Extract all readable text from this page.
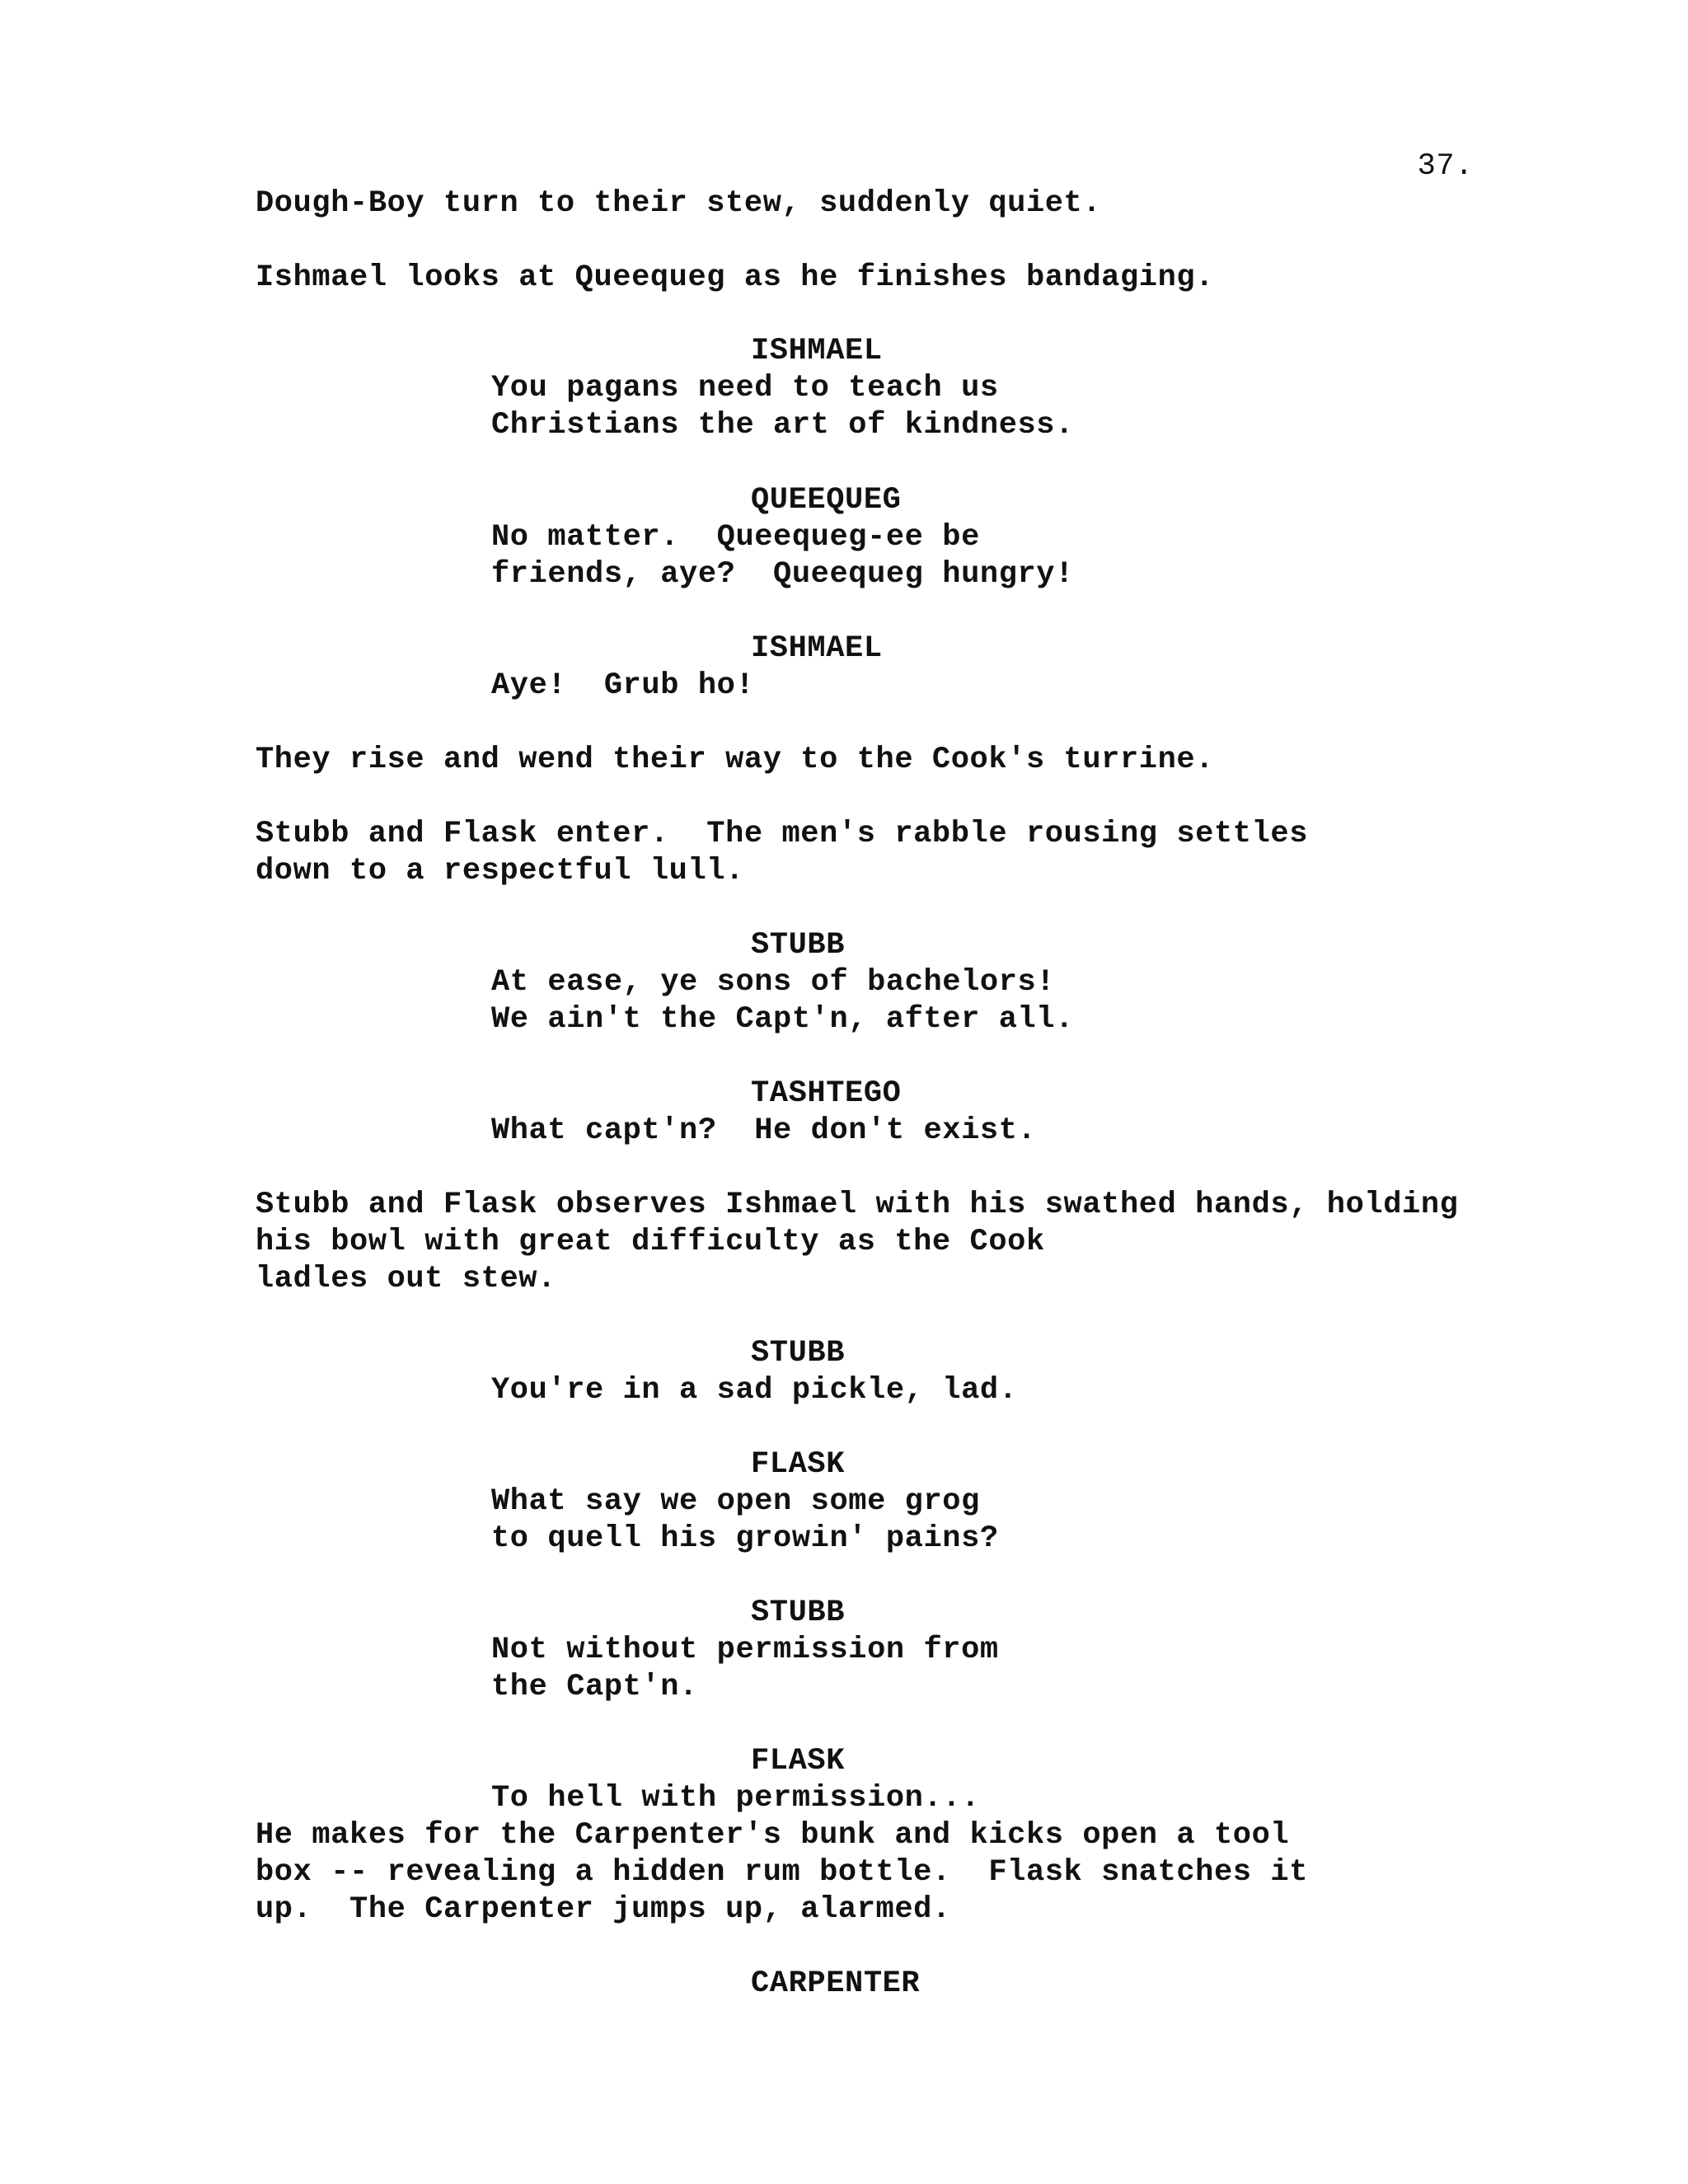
37.
Dough-Boy turn to their stew, suddenly quiet.
Ishmael looks at Queequeg as he finishes bandaging.
ISHMAEL
You pagans need to teach us
Christians the art of kindness.
QUEEQUEG
No matter.  Queequeg-ee be
friends, aye?  Queequeg hungry!
ISHMAEL
Aye!  Grub ho!
They rise and wend their way to the Cook's turrine.
Stubb and Flask enter.  The men's rabble rousing settles
down to a respectful lull.
STUBB
At ease, ye sons of bachelors!
We ain't the Capt'n, after all.
TASHTEGO
What capt'n?  He don't exist.
Stubb and Flask observes Ishmael with his swathed hands, holding
his bowl with great difficulty as the Cook
ladles out stew.
STUBB
You're in a sad pickle, lad.
FLASK
What say we open some grog
to quell his growin' pains?
STUBB
Not without permission from
the Capt'n.
FLASK
To hell with permission...
He makes for the Carpenter's bunk and kicks open a tool
box -- revealing a hidden rum bottle.  Flask snatches it
up.  The Carpenter jumps up, alarmed.
CARPENTER
